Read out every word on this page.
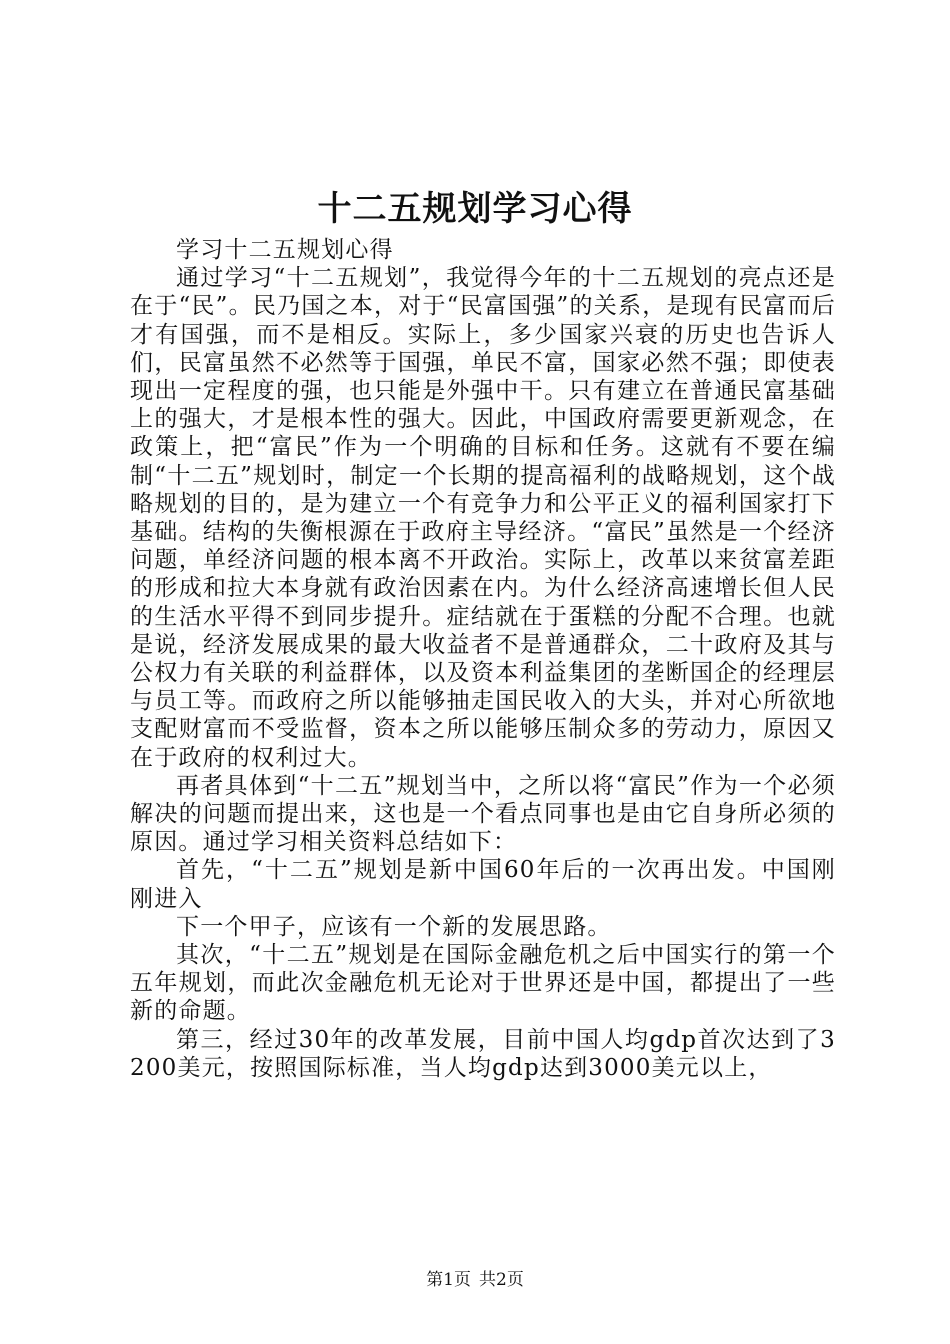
十二五规划学习心得

学习十二五规划心得

通过学习“十二五规划”，我觉得今年的十二五规划的亮点还是在于“民”。民乃国之本，对于“民富国强”的关系，是现有民富而后才有国强，而不是相反。实际上，多少国家兴衰的历史也告诉人们，民富虽然不必然等于国强，单民不富，国家必然不强；即使表现出一定程度的强，也只能是外强中干。只有建立在普通民富基础上的强大，才是根本性的强大。因此，中国政府需要更新观念，在政策上，把“富民”作为一个明确的目标和任务。这就有不要在编制“十二五”规划时，制定一个长期的提高福利的战略规划，这个战略规划的目的，是为建立一个有竞争力和公平正义的福利国家打下基础。结构的失衡根源在于政府主导经济。“富民”虽然是一个经济问题，单经济问题的根本离不开政治。实际上，改革以来贫富差距的形成和拉大本身就有政治因素在内。为什么经济高速增长但人民的生活水平得不到同步提升。症结就在于蛋糕的分配不合理。也就是说，经济发展成果的最大收益者不是普通群众，二十政府及其与公权力有关联的利益群体，以及资本利益集团的垄断国企的经理层与员工等。而政府之所以能够抽走国民收入的大头，并对心所欲地支配财富而不受监督，资本之所以能够压制众多的劳动力，原因又在于政府的权利过大。

再者具体到“十二五”规划当中，之所以将“富民”作为一个必须解决的问题而提出来，这也是一个看点同事也是由它自身所必须的原因。通过学习相关资料总结如下：

首先，“十二五”规划是新中国60年后的一次再出发。中国刚刚进入

下一个甲子，应该有一个新的发展思路。

其次，“十二五”规划是在国际金融危机之后中国实行的第一个五年规划，而此次金融危机无论对于世界还是中国，都提出了一些新的命题。

第三，经过30年的改革发展，目前中国人均gdp首次达到了3200美元，按照国际标准，当人均gdp达到3000美元以上，

第1页 共2页
